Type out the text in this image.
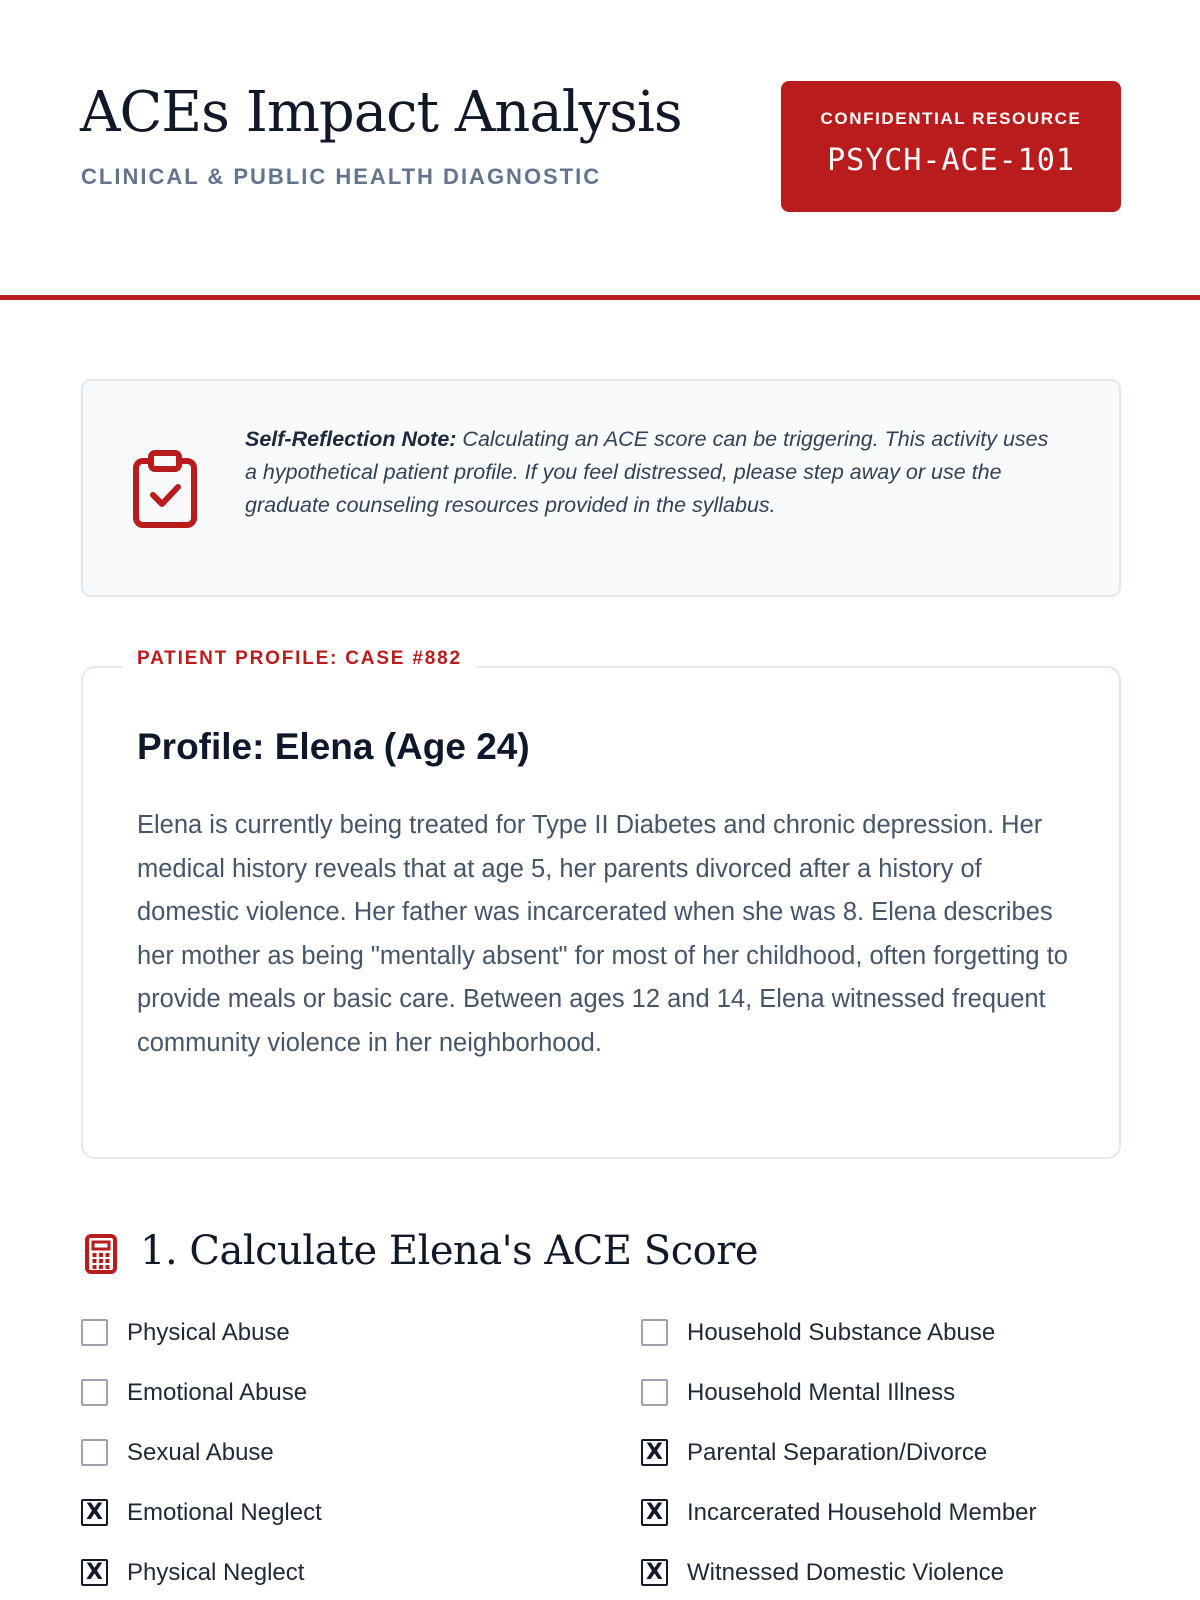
ACEs Impact Analysis
CLINICAL & PUBLIC HEALTH DIAGNOSTIC
CONFIDENTIAL RESOURCE
PSYCH-ACE-101

Self-Reflection Note: Calculating an ACE score can be triggering. This activity uses a hypothetical patient profile. If you feel distressed, please step away or use the graduate counseling resources provided in the syllabus.

PATIENT PROFILE: CASE #882
Profile: Elena (Age 24)

Elena is currently being treated for Type II Diabetes and chronic depression. Her medical history reveals that at age 5, her parents divorced after a history of domestic violence. Her father was incarcerated when she was 8. Elena describes her mother as being "mentally absent" for most of her childhood, often forgetting to provide meals or basic care. Between ages 12 and 14, Elena witnessed frequent community violence in her neighborhood.

1. Calculate Elena's ACE Score
Physical Abuse
Emotional Abuse
Sexual Abuse
X Emotional Neglect
X Physical Neglect
Household Substance Abuse
Household Mental Illness
X Parental Separation/Divorce
X Incarcerated Household Member
X Witnessed Domestic Violence
